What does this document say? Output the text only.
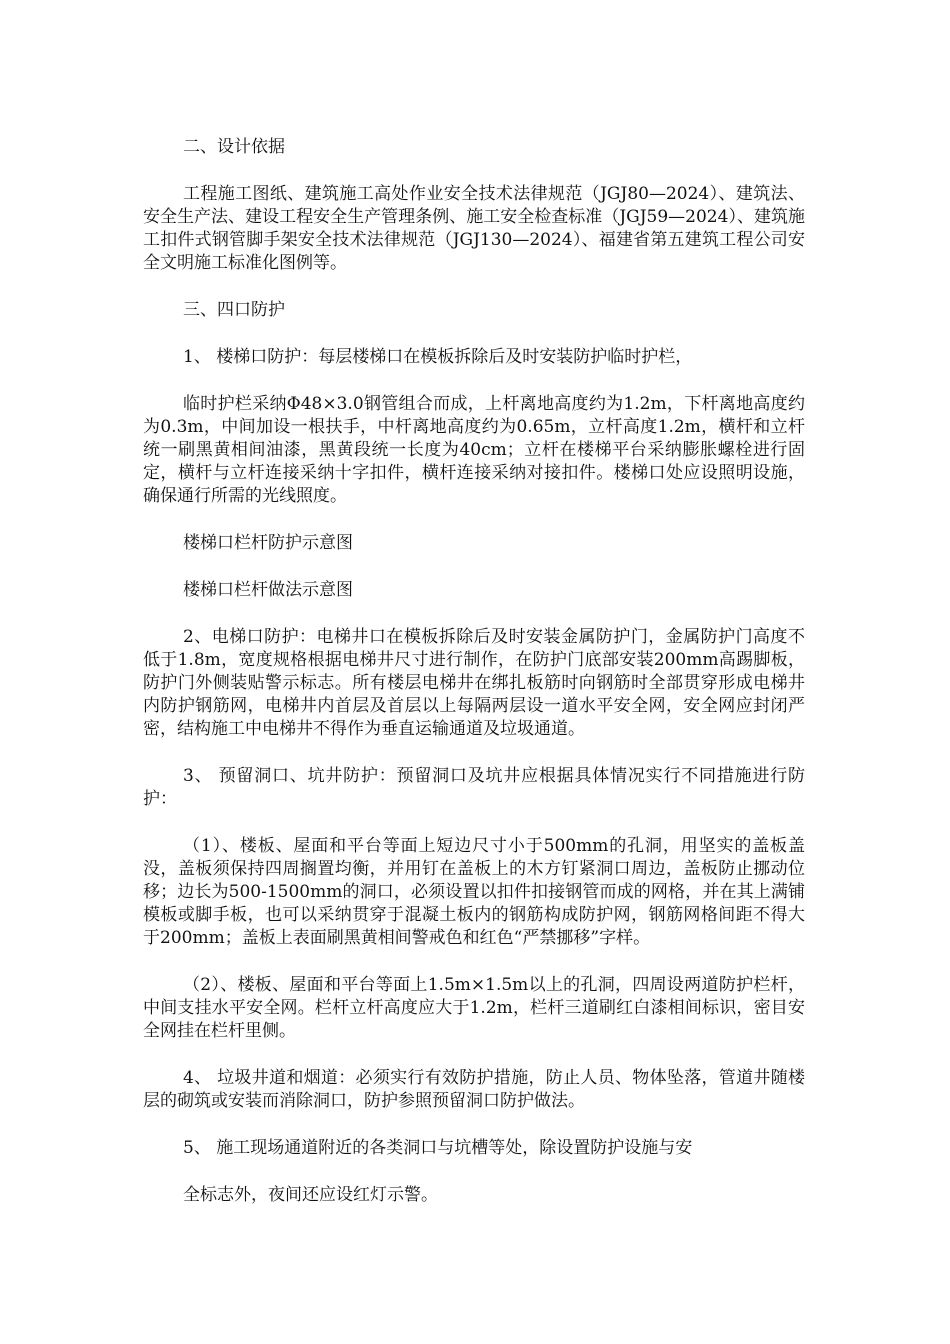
二、设计依据

工程施工图纸、建筑施工高处作业安全技术法律规范（JGJ80—2024）、建筑法、安全生产法、建设工程安全生产管理条例、施工安全检查标准（JGJ59—2024）、建筑施工扣件式钢管脚手架安全技术法律规范（JGJ130—2024）、福建省第五建筑工程公司安全文明施工标准化图例等。

三、四口防护

1、 楼梯口防护：每层楼梯口在模板拆除后及时安装防护临时护栏，

临时护栏采纳Φ48×3.0钢管组合而成，上杆离地高度约为1.2m，下杆离地高度约为0.3m，中间加设一根扶手，中杆离地高度约为0.65m，立杆高度1.2m，横杆和立杆统一刷黑黄相间油漆，黑黄段统一长度为40cm；立杆在楼梯平台采纳膨胀螺栓进行固定，横杆与立杆连接采纳十字扣件，横杆连接采纳对接扣件。楼梯口处应设照明设施，确保通行所需的光线照度。

楼梯口栏杆防护示意图

楼梯口栏杆做法示意图

2、电梯口防护：电梯井口在模板拆除后及时安装金属防护门，金属防护门高度不低于1.8m，宽度规格根据电梯井尺寸进行制作，在防护门底部安装200mm高踢脚板，防护门外侧装贴警示标志。所有楼层电梯井在绑扎板筋时向钢筋时全部贯穿形成电梯井内防护钢筋网，电梯井内首层及首层以上每隔两层设一道水平安全网，安全网应封闭严密，结构施工中电梯井不得作为垂直运输通道及垃圾通道。

3、 预留洞口、坑井防护：预留洞口及坑井应根据具体情况实行不同措施进行防护：

（1）、楼板、屋面和平台等面上短边尺寸小于500mm的孔洞，用坚实的盖板盖没，盖板须保持四周搁置均衡，并用钉在盖板上的木方钉紧洞口周边，盖板防止挪动位移；边长为500-1500mm的洞口，必须设置以扣件扣接钢管而成的网格，并在其上满铺模板或脚手板，也可以采纳贯穿于混凝土板内的钢筋构成防护网，钢筋网格间距不得大于200mm；盖板上表面刷黑黄相间警戒色和红色“严禁挪移”字样。

（2）、楼板、屋面和平台等面上1.5m×1.5m以上的孔洞，四周设两道防护栏杆，中间支挂水平安全网。栏杆立杆高度应大于1.2m，栏杆三道刷红白漆相间标识，密目安全网挂在栏杆里侧。

4、 垃圾井道和烟道：必须实行有效防护措施，防止人员、物体坠落，管道井随楼层的砌筑或安装而消除洞口，防护参照预留洞口防护做法。

5、 施工现场通道附近的各类洞口与坑槽等处，除设置防护设施与安

全标志外，夜间还应设红灯示警。
